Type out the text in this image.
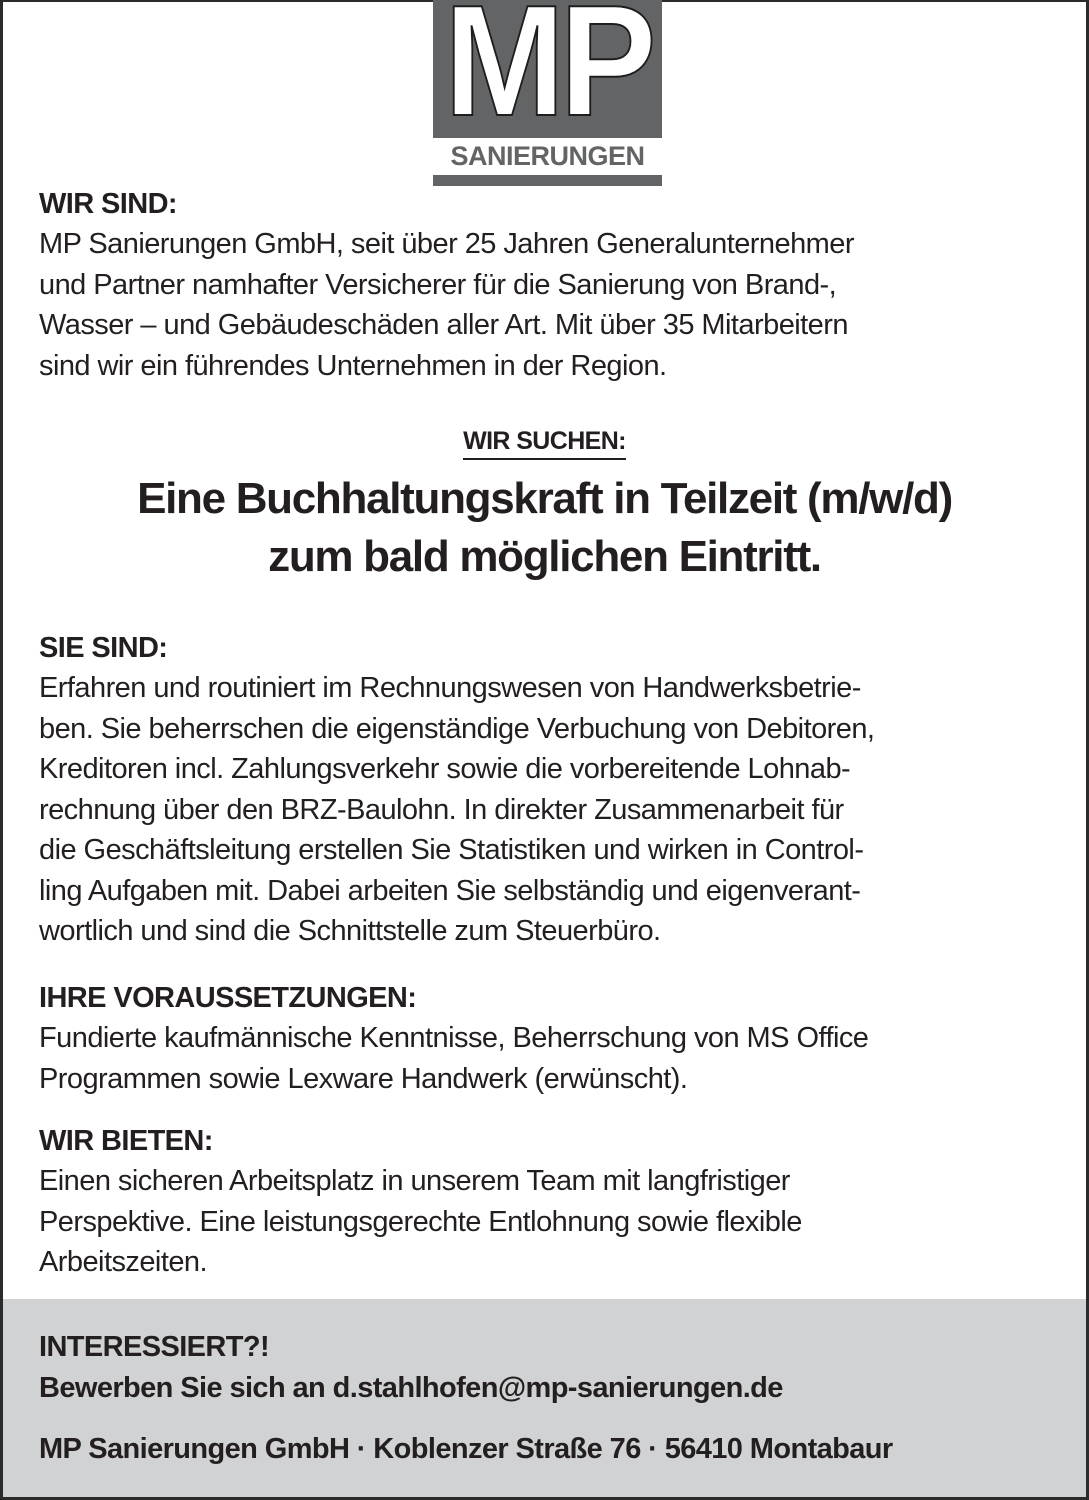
MP
SANIERUNGEN
WIR SIND:
MP Sanierungen GmbH, seit über 25 Jahren Generalunternehmer
und Partner namhafter Versicherer für die Sanierung von Brand-,
Wasser – und Gebäudeschäden aller Art. Mit über 35 Mitarbeitern
sind wir ein führendes Unternehmen in der Region.
WIR SUCHEN:
Eine Buchhaltungskraft in Teilzeit (m/w/d)
zum bald möglichen Eintritt.
SIE SIND:
Erfahren und routiniert im Rechnungswesen von Handwerksbetrie-
ben. Sie beherrschen die eigenständige Verbuchung von Debitoren,
Kreditoren incl. Zahlungsverkehr sowie die vorbereitende Lohnab-
rechnung über den BRZ-Baulohn. In direkter Zusammenarbeit für
die Geschäftsleitung erstellen Sie Statistiken und wirken in Control-
ling Aufgaben mit. Dabei arbeiten Sie selbständig und eigenverant-
wortlich und sind die Schnittstelle zum Steuerbüro.
IHRE VORAUSSETZUNGEN:
Fundierte kaufmännische Kenntnisse, Beherrschung von MS Office
Programmen sowie Lexware Handwerk (erwünscht).
WIR BIETEN:
Einen sicheren Arbeitsplatz in unserem Team mit langfristiger
Perspektive. Eine leistungsgerechte Entlohnung sowie flexible
Arbeitszeiten.
INTERESSIERT?!
Bewerben Sie sich an d.stahlhofen@mp-sanierungen.de
MP Sanierungen GmbH · Koblenzer Straße 76 · 56410 Montabaur
